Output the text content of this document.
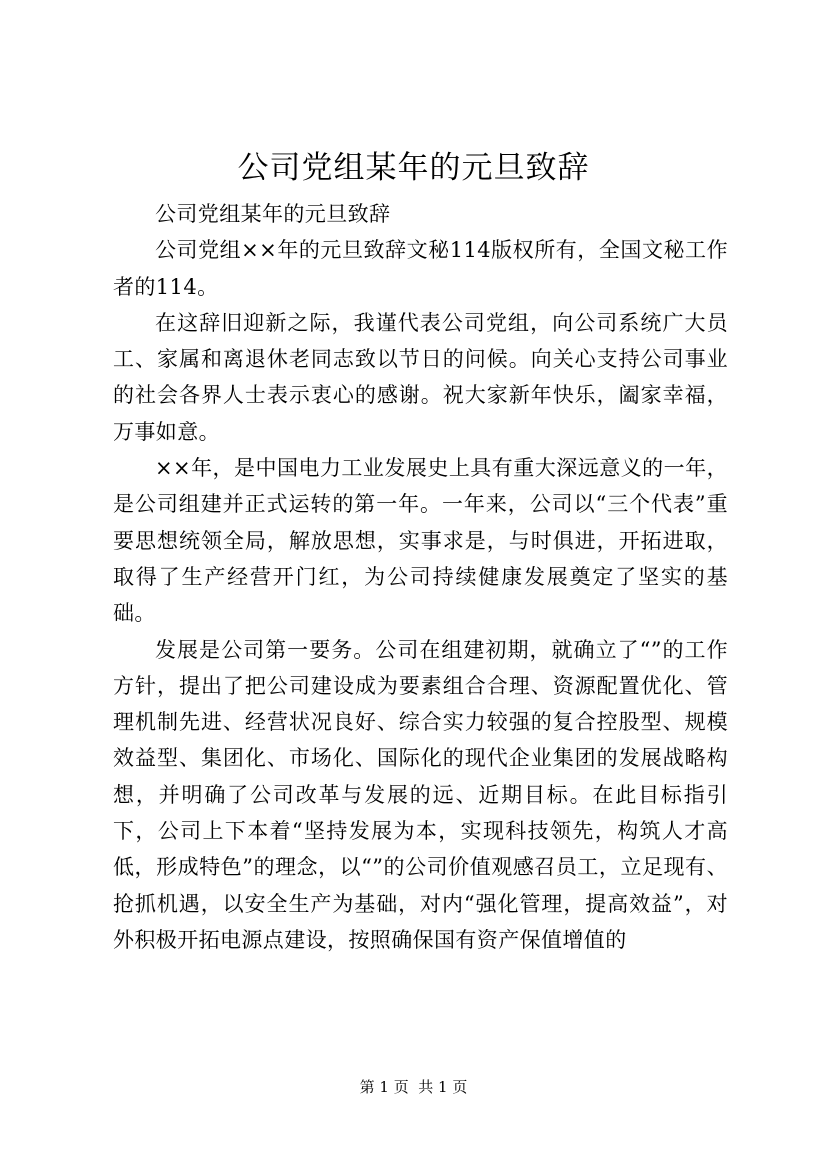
公司党组某年的元旦致辞

公司党组某年的元旦致辞

公司党组××年的元旦致辞文秘114版权所有，全国文秘工作者的114。

在这辞旧迎新之际，我谨代表公司党组，向公司系统广大员工、家属和离退休老同志致以节日的问候。向关心支持公司事业的社会各界人士表示衷心的感谢。祝大家新年快乐，阖家幸福，万事如意。

××年，是中国电力工业发展史上具有重大深远意义的一年，是公司组建并正式运转的第一年。一年来，公司以“三个代表”重要思想统领全局，解放思想，实事求是，与时俱进，开拓进取，取得了生产经营开门红，为公司持续健康发展奠定了坚实的基础。

发展是公司第一要务。公司在组建初期，就确立了“”的工作方针，提出了把公司建设成为要素组合合理、资源配置优化、管理机制先进、经营状况良好、综合实力较强的复合控股型、规模效益型、集团化、市场化、国际化的现代企业集团的发展战略构想，并明确了公司改革与发展的远、近期目标。在此目标指引下，公司上下本着“坚持发展为本，实现科技领先，构筑人才高低，形成特色”的理念，以“”的公司价值观感召员工，立足现有、抢抓机遇，以安全生产为基础，对内“强化管理，提高效益”，对外积极开拓电源点建设，按照确保国有资产保值增值的

第 1 页  共 1 页
